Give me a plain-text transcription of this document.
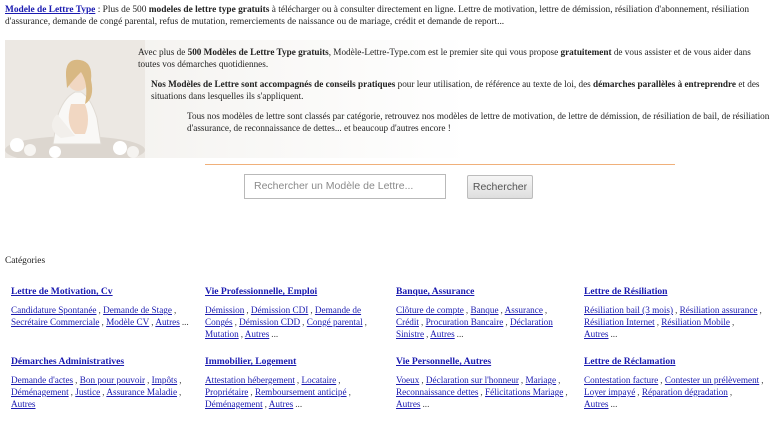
Modele de Lettre Type : Plus de 500 modeles de lettre type gratuits à télécharger ou à consulter directement en ligne. Lettre de motivation, lettre de démission, résiliation d'abonnement, résiliation d'assurance, demande de congé parental, refus de mutation, remerciements de naissance ou de mariage, crédit et demande de report...
Avec plus de 500 Modèles de Lettre Type gratuits, Modèle-Lettre-Type.com est le premier site qui vous propose gratuitement de vous assister et de vous aider dans toutes vos démarches quotidiennes.
Nos Modèles de Lettre sont accompagnés de conseils pratiques pour leur utilisation, de référence au texte de loi, des démarches parallèles à entreprendre et des situations dans lesquelles ils s'appliquent.
Tous nos modèles de lettre sont classés par catégorie, retrouvez nos modèles de lettre de motivation, de lettre de démission, de résiliation de bail, de résiliation d'assurance, de reconnaissance de dettes... et beaucoup d'autres encore !
Rechercher un Modèle de Lettre...	Rechercher
Catégories
Lettre de Motivation, Cv
Candidature Spontanée , Demande de Stage , Secrétaire Commerciale , Modèle CV , Autres ...
Vie Professionnelle, Emploi
Démission , Démission CDI , Demande de Congés , Démission CDD , Congé parental , Mutation , Autres ...
Banque, Assurance
Clôture de compte , Banque , Assurance , Crédit , Procuration Bancaire , Déclaration Sinistre , Autres ...
Lettre de Résiliation
Résiliation bail (3 mois) , Résiliation assurance , Résiliation Internet , Résiliation Mobile , Autres ...
Démarches Administratives
Demande d'actes , Bon pour pouvoir , Impôts , Déménagement , Justice , Assurance Maladie , Autres
Immobilier, Logement
Attestation hébergement , Locataire , Propriétaire , Remboursement anticipé , Déménagement , Autres ...
Vie Personnelle, Autres
Voeux , Déclaration sur l'honneur , Mariage , Reconnaissance dettes , Félicitations Mariage , Autres ...
Lettre de Réclamation
Contestation facture , Contester un prélèvement , Loyer impayé , Réparation dégradation , Autres ...
